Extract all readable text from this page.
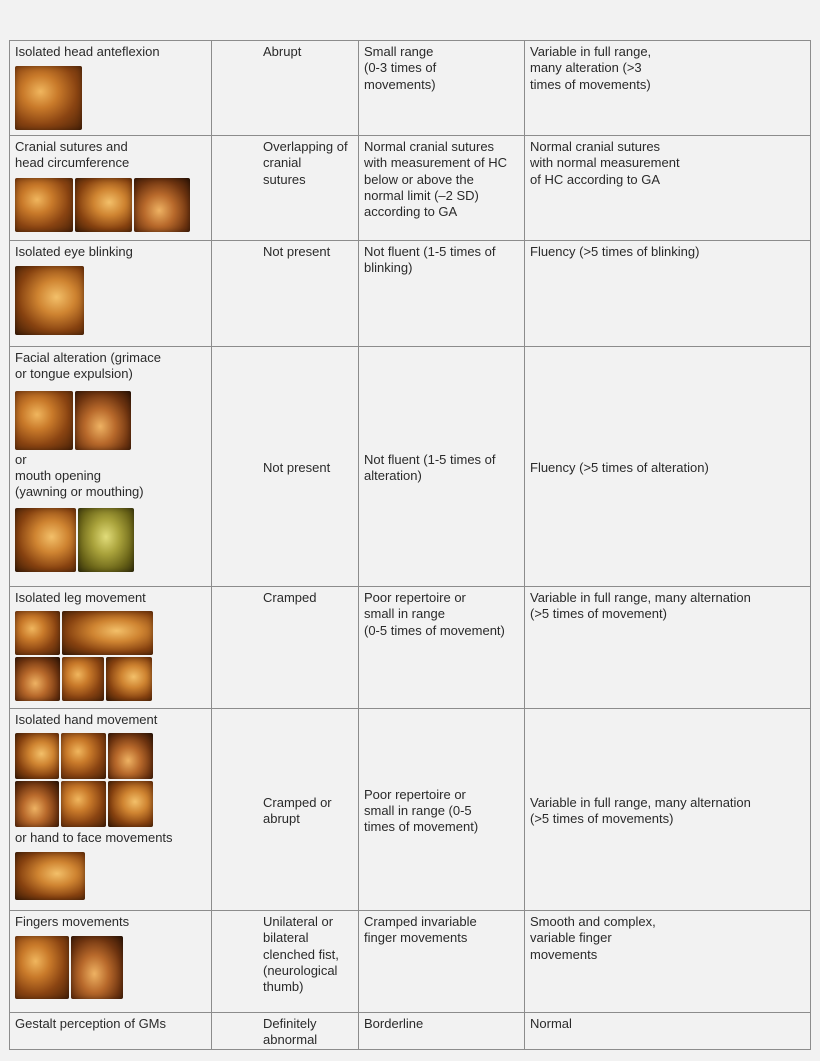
Isolated head anteflexion	Abrupt	Small range
(0-3 times of
movements)	Variable in full range,
many alteration (>3
times of movements)

Cranial sutures and
head circumference	Overlapping of cranial
sutures	Normal cranial sutures
with measurement of HC
below or above the
normal limit (–2 SD)
according to GA	Normal cranial sutures
with normal measurement
of HC according to GA

Isolated eye blinking	Not present	Not fluent (1-5 times of
blinking)	Fluency (>5 times of blinking)

Facial alteration (grimace
or tongue expulsion)
or
mouth opening
(yawning or mouthing)	Not present	Not fluent (1-5 times of
alteration)	Fluency (>5 times of alteration)

Isolated leg movement	Cramped	Poor repertoire or
small in range
(0-5 times of movement)	Variable in full range, many alternation
(>5 times of movement)

Isolated hand movement
or hand to face movements	Cramped or abrupt	Poor repertoire or
small in range (0-5
times of movement)	Variable in full range, many alternation
(>5 times of movements)

Fingers movements	Unilateral or bilateral
clenched fist,
(neurological thumb)	Cramped invariable
finger movements	Smooth and complex,
variable finger
movements

Gestalt perception of GMs	Definitely abnormal	Borderline	Normal
